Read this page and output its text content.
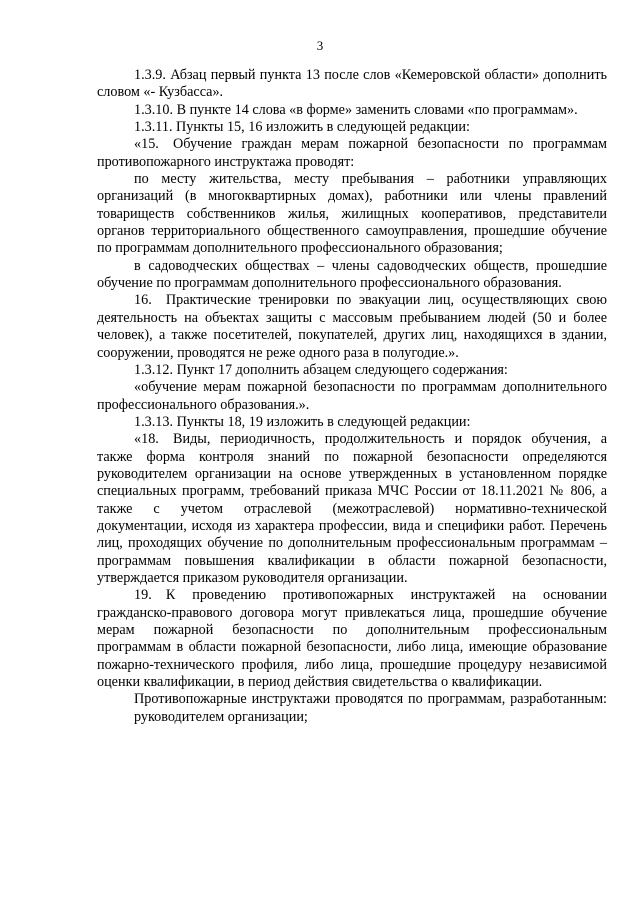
3

1.3.9. Абзац первый пункта 13 после слов «Кемеровской области» дополнить словом «- Кузбасса».

1.3.10. В пункте 14 слова «в форме» заменить словами «по программам».

1.3.11. Пункты 15, 16 изложить в следующей редакции:

«15. Обучение граждан мерам пожарной безопасности по программам противопожарного инструктажа проводят:

по месту жительства, месту пребывания – работники управляющих организаций (в многоквартирных домах), работники или члены правлений товариществ собственников жилья, жилищных кооперативов, представители органов территориального общественного самоуправления, прошедшие обучение по программам дополнительного профессионального образования;

в садоводческих обществах – члены садоводческих обществ, прошедшие обучение по программам дополнительного профессионального образования.

16. Практические тренировки по эвакуации лиц, осуществляющих свою деятельность на объектах защиты с массовым пребыванием людей (50 и более человек), а также посетителей, покупателей, других лиц, находящихся в здании, сооружении, проводятся не реже одного раза в полугодие.».

1.3.12. Пункт 17 дополнить абзацем следующего содержания:

«обучение мерам пожарной безопасности по программам дополнительного профессионального образования.».

1.3.13. Пункты 18, 19 изложить в следующей редакции:

«18. Виды, периодичность, продолжительность и порядок обучения, а также форма контроля знаний по пожарной безопасности определяются руководителем организации на основе утвержденных в установленном порядке специальных программ, требований приказа МЧС России от 18.11.2021 № 806, а также с учетом отраслевой (межотраслевой) нормативно-технической документации, исходя из характера профессии, вида и специфики работ. Перечень лиц, проходящих обучение по дополнительным профессиональным программам – программам повышения квалификации в области пожарной безопасности, утверждается приказом руководителя организации.

19. К проведению противопожарных инструктажей на основании гражданско-правового договора могут привлекаться лица, прошедшие обучение мерам пожарной безопасности по дополнительным профессиональным программам в области пожарной безопасности, либо лица, имеющие образование пожарно-технического профиля, либо лица, прошедшие процедуру независимой оценки квалификации, в период действия свидетельства о квалификации.

Противопожарные инструктажи проводятся по программам, разработанным:

руководителем организации;
